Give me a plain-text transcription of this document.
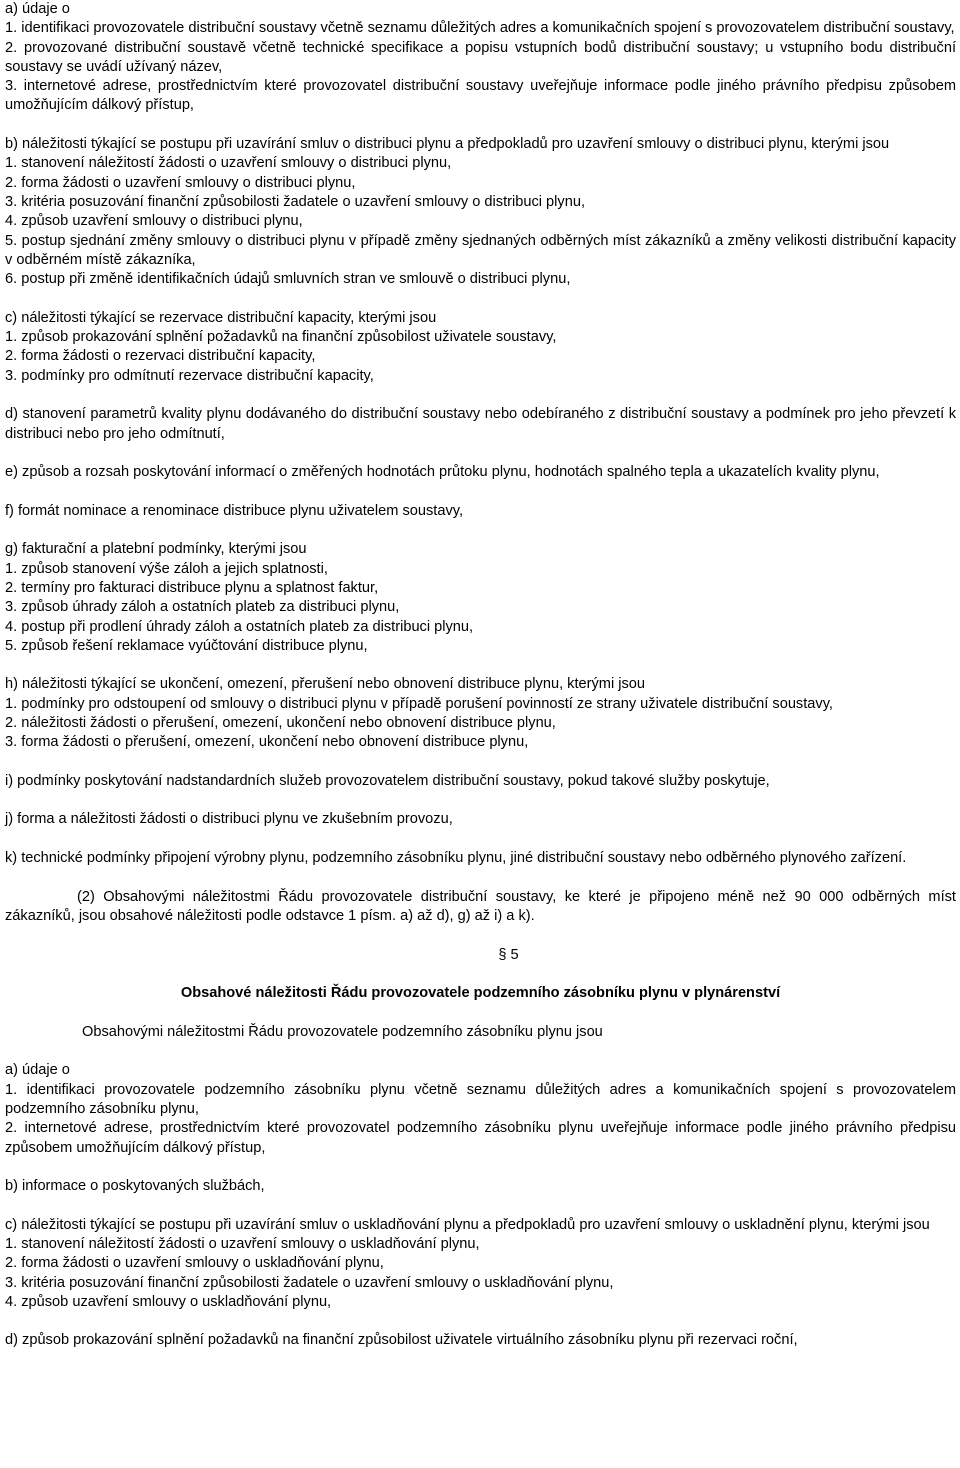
a) údaje o

1. identifikaci provozovatele distribuční soustavy včetně seznamu důležitých adres a komunikačních spojení s provozovatelem distribuční soustavy,

2. provozované distribuční soustavě včetně technické specifikace a popisu vstupních bodů distribuční soustavy; u vstupního bodu distribuční soustavy se uvádí užívaný název,

3. internetové adrese, prostřednictvím které provozovatel distribuční soustavy uveřejňuje informace podle jiného právního předpisu způsobem umožňujícím dálkový přístup,

b) náležitosti týkající se postupu při uzavírání smluv o distribuci plynu a předpokladů pro uzavření smlouvy o distribuci plynu, kterými jsou

1. stanovení náležitostí žádosti o uzavření smlouvy o distribuci plynu,

2. forma žádosti o uzavření smlouvy o distribuci plynu,

3. kritéria posuzování finanční způsobilosti žadatele o uzavření smlouvy o distribuci plynu,

4. způsob uzavření smlouvy o distribuci plynu,

5. postup sjednání změny smlouvy o distribuci plynu v případě změny sjednaných odběrných míst zákazníků a změny velikosti distribuční kapacity v odběrném místě zákazníka,

6. postup při změně identifikačních údajů smluvních stran ve smlouvě o distribuci plynu,

c) náležitosti týkající se rezervace distribuční kapacity, kterými jsou

1. způsob prokazování splnění požadavků na finanční způsobilost uživatele soustavy,

2. forma žádosti o rezervaci distribuční kapacity,

3. podmínky pro odmítnutí rezervace distribuční kapacity,

d) stanovení parametrů kvality plynu dodávaného do distribuční soustavy nebo odebíraného z distribuční soustavy a podmínek pro jeho převzetí k distribuci nebo pro jeho odmítnutí,

e) způsob a rozsah poskytování informací o změřených hodnotách průtoku plynu, hodnotách spalného tepla a ukazatelích kvality plynu,

f) formát nominace a renominace distribuce plynu uživatelem soustavy,

g) fakturační a platební podmínky, kterými jsou

1. způsob stanovení výše záloh a jejich splatnosti,

2. termíny pro fakturaci distribuce plynu a splatnost faktur,

3. způsob úhrady záloh a ostatních plateb za distribuci plynu,

4. postup při prodlení úhrady záloh a ostatních plateb za distribuci plynu,

5. způsob řešení reklamace vyúčtování distribuce plynu,

h) náležitosti týkající se ukončení, omezení, přerušení nebo obnovení distribuce plynu, kterými jsou

1. podmínky pro odstoupení od smlouvy o distribuci plynu v případě porušení povinností ze strany uživatele distribuční soustavy,

2. náležitosti žádosti o přerušení, omezení, ukončení nebo obnovení distribuce plynu,

3. forma žádosti o přerušení, omezení, ukončení nebo obnovení distribuce plynu,

i) podmínky poskytování nadstandardních služeb provozovatelem distribuční soustavy, pokud takové služby poskytuje,

j) forma a náležitosti žádosti o distribuci plynu ve zkušebním provozu,

k) technické podmínky připojení výrobny plynu, podzemního zásobníku plynu, jiné distribuční soustavy nebo odběrného plynového zařízení.

(2) Obsahovými náležitostmi Řádu provozovatele distribuční soustavy, ke které je připojeno méně než 90 000 odběrných míst zákazníků, jsou obsahové náležitosti podle odstavce 1 písm. a) až d), g) až i) a k).

§ 5

Obsahové náležitosti Řádu provozovatele podzemního zásobníku plynu v plynárenství

Obsahovými náležitostmi Řádu provozovatele podzemního zásobníku plynu jsou

a) údaje o

1. identifikaci provozovatele podzemního zásobníku plynu včetně seznamu důležitých adres a komunikačních spojení s provozovatelem podzemního zásobníku plynu,

2. internetové adrese, prostřednictvím které provozovatel podzemního zásobníku plynu uveřejňuje informace podle jiného právního předpisu způsobem umožňujícím dálkový přístup,

b) informace o poskytovaných službách,

c) náležitosti týkající se postupu při uzavírání smluv o uskladňování plynu a předpokladů pro uzavření smlouvy o uskladnění plynu, kterými jsou

1. stanovení náležitostí žádosti o uzavření smlouvy o uskladňování plynu,

2. forma žádosti o uzavření smlouvy o uskladňování plynu,

3. kritéria posuzování finanční způsobilosti žadatele o uzavření smlouvy o uskladňování plynu,

4. způsob uzavření smlouvy o uskladňování plynu,

d) způsob prokazování splnění požadavků na finanční způsobilost uživatele virtuálního zásobníku plynu při rezervaci roční,
